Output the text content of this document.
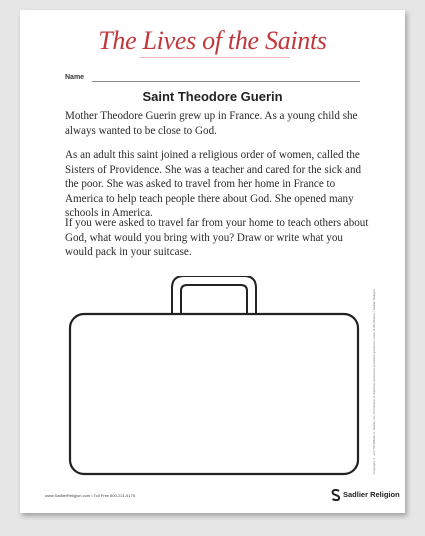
The Lives of the Saints
Name
Saint Theodore Guerin

Mother Theodore Guerin grew up in France. As a young child she always wanted to be close to God.

As an adult this saint joined a religious order of women, called the Sisters of Providence. She was a teacher and cared for the sick and the poor. She was asked to travel from her home in France to America to help teach people there about God. She opened many schools in America.

If you were asked to travel far from your home to teach others about God, what would you bring with you? Draw or write what you would pack in your suitcase.

Copyright © and TM William H. Sadlier, Inc. Permission to duplicate classroom quantities granted to users of We Believe / Sadlier Religion.
www.SadlierReligion.com • Toll Free 800-221-5175	Sadlier Religion
